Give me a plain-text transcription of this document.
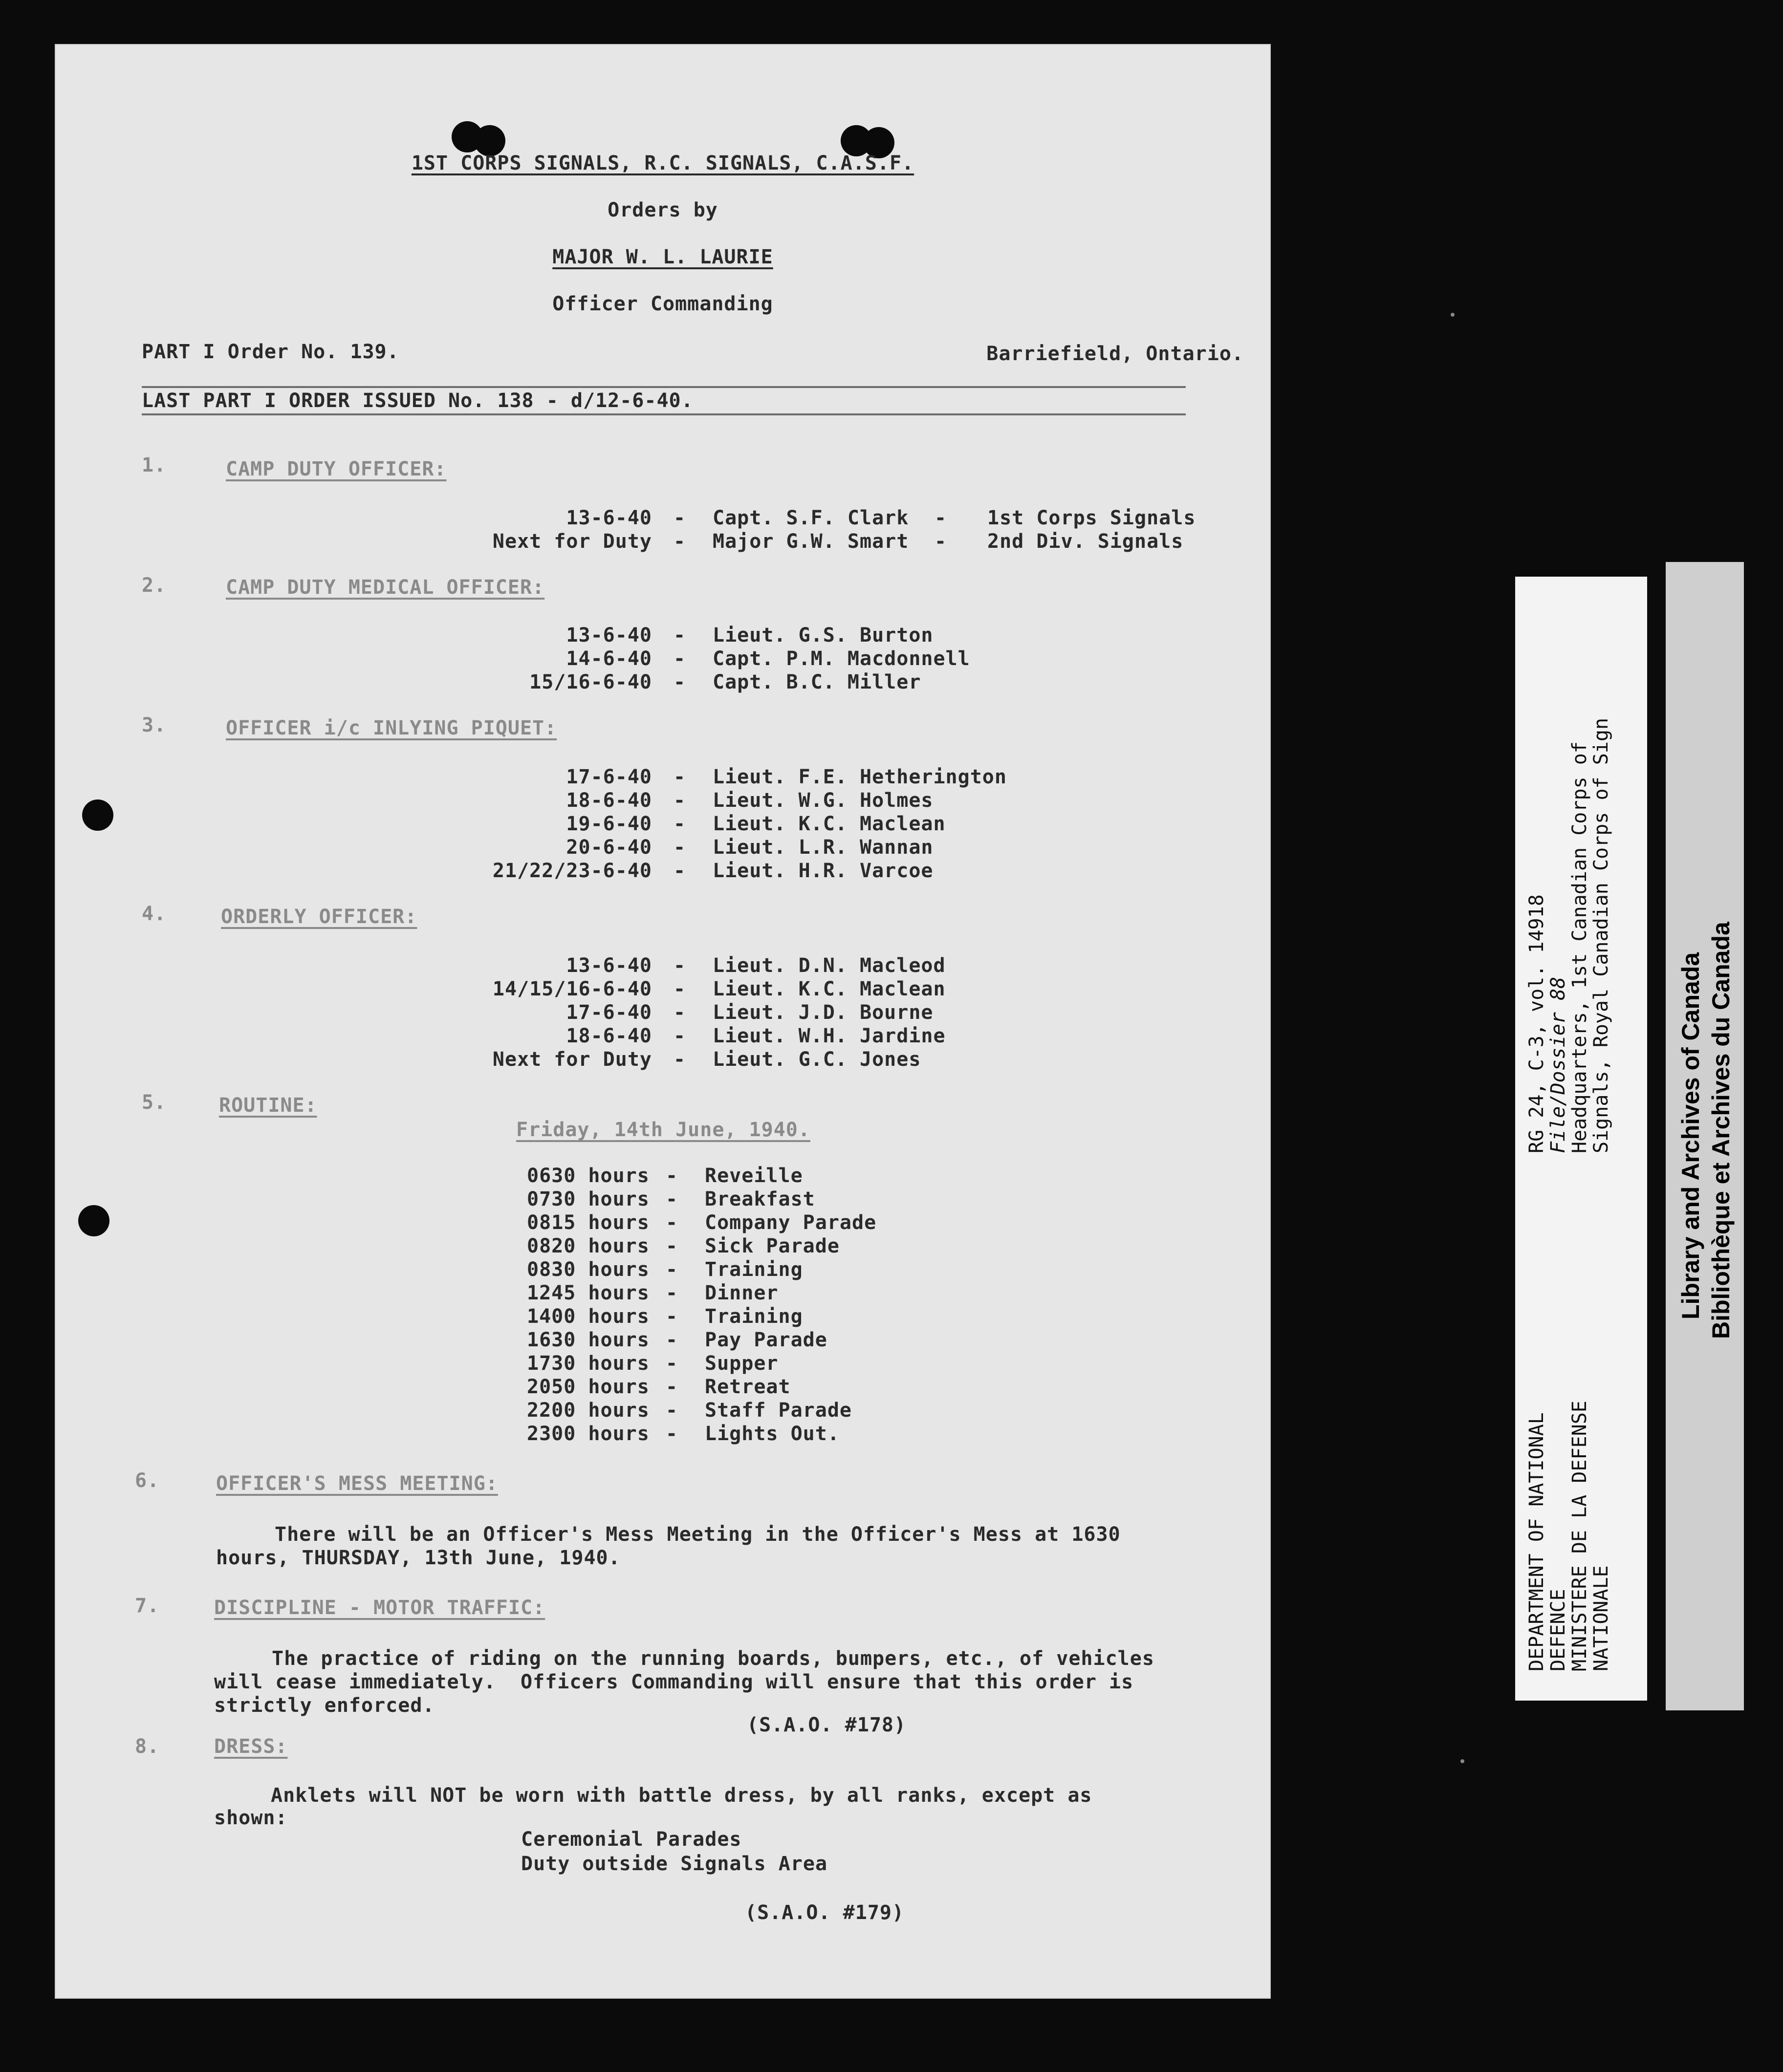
1ST CORPS SIGNALS, R.C. SIGNALS, C.A.S.F.
Orders by
MAJOR W. L. LAURIE
Officer Commanding
PART I Order No. 139.	Barriefield, Ontario.
LAST PART I ORDER ISSUED No. 138 - d/12-6-40.
1.	CAMP DUTY OFFICER:
13-6-40 - Capt. S.F. Clark - 1st Corps Signals
Next for Duty - Major G.W. Smart - 2nd Div. Signals
2.	CAMP DUTY MEDICAL OFFICER:
13-6-40 - Lieut. G.S. Burton
14-6-40 - Capt. P.M. Macdonnell
15/16-6-40 - Capt. B.C. Miller
3.	OFFICER i/c INLYING PIQUET:
17-6-40 - Lieut. F.E. Hetherington
18-6-40 - Lieut. W.G. Holmes
19-6-40 - Lieut. K.C. Maclean
20-6-40 - Lieut. L.R. Wannan
21/22/23-6-40 - Lieut. H.R. Varcoe
4.	ORDERLY OFFICER:
13-6-40 - Lieut. D.N. Macleod
14/15/16-6-40 - Lieut. K.C. Maclean
17-6-40 - Lieut. J.D. Bourne
18-6-40 - Lieut. W.H. Jardine
Next for Duty - Lieut. G.C. Jones
5.	ROUTINE:
Friday, 14th June, 1940.
0630 hours - Reveille
0730 hours - Breakfast
0815 hours - Company Parade
0820 hours - Sick Parade
0830 hours - Training
1245 hours - Dinner
1400 hours - Training
1630 hours - Pay Parade
1730 hours - Supper
2050 hours - Retreat
2200 hours - Staff Parade
2300 hours - Lights Out.
6.	OFFICER'S MESS MEETING:
There will be an Officer's Mess Meeting in the Officer's Mess at 1630
hours, THURSDAY, 13th June, 1940.
7.	DISCIPLINE - MOTOR TRAFFIC:
The practice of riding on the running boards, bumpers, etc., of vehicles
will cease immediately.  Officers Commanding will ensure that this order is
strictly enforced.
(S.A.O. #178)
8.	DRESS:
Anklets will NOT be worn with battle dress, by all ranks, except as
shown:
Ceremonial Parades
Duty outside Signals Area
(S.A.O. #179)
DEPARTMENT OF NATIONAL
DEFENCE
MINISTERE DE LA DEFENSE
NATIONALE
RG 24, C-3, vol. 14918
File/Dossier 88
Headquarters, 1st Canadian Corps of
Signals, Royal Canadian Corps of Sign	Library and Archives of Canada Bibliothèque et Archives du Canada
